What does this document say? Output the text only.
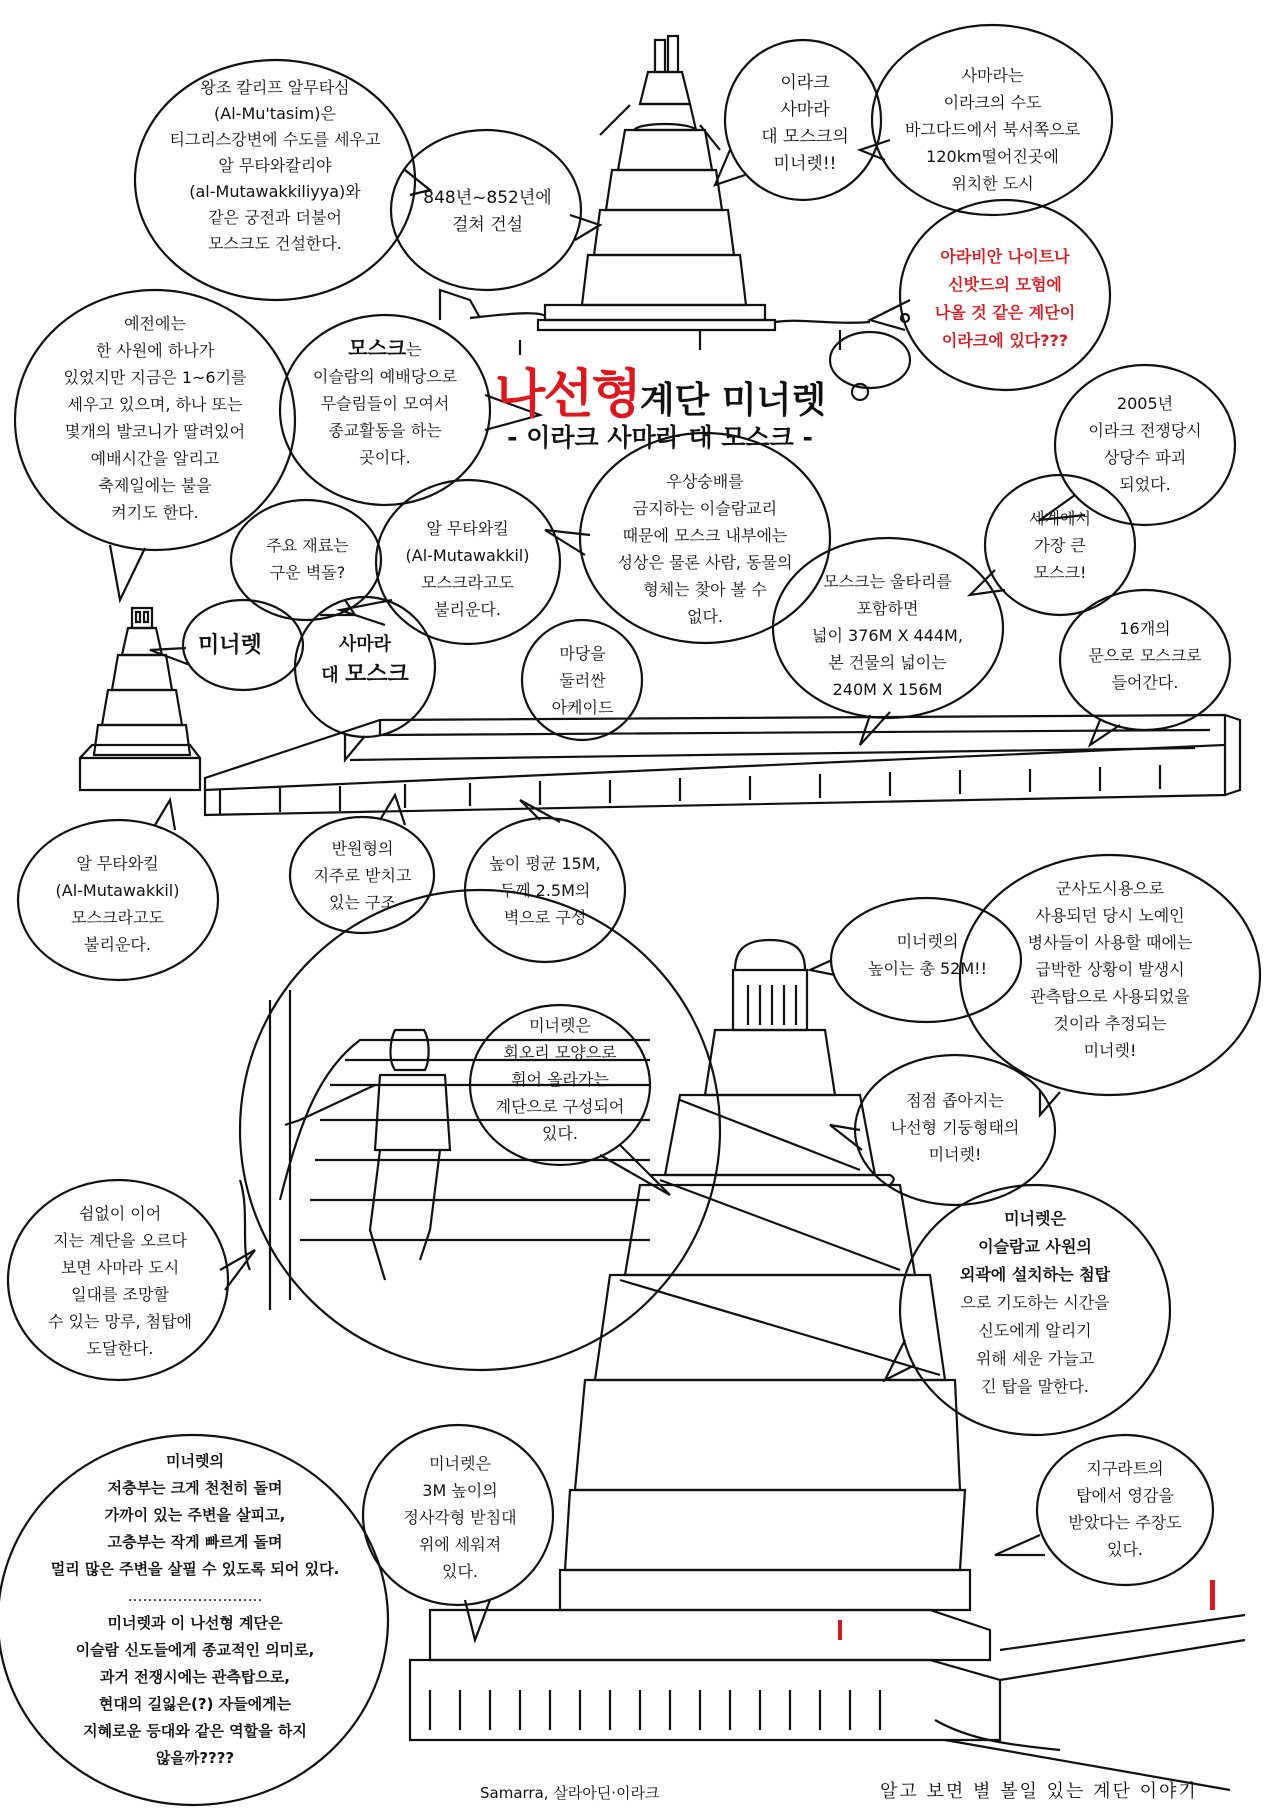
나선형계단 미너렛
- 이라크 사마라 대 모스크 -
왕조 칼리프 알무타심
(Al-Mu'tasim)은
티그리스강변에 수도를 세우고
알 무타와칼리야
(al-Mutawakkiliyya)와
같은 궁전과 더불어
모스크도 건설한다.
848년~852년에
걸쳐 건설
이라크
사마라
대 모스크의
미너렛!!
사마라는
이라크의 수도
바그다드에서 북서쪽으로
120km떨어진곳에
위치한 도시
아라비안 나이트나
신밧드의 모험에
나올 것 같은 계단이
이라크에 있다???
예전에는
한 사원에 하나가
있었지만 지금은 1~6기를
세우고 있으며, 하나 또는
몇개의 발코니가 딸려있어
예배시간을 알리고
축제일에는 불을
켜기도 한다.
모스크는
이슬람의 예배당으로
무슬림들이 모여서
종교활동을 하는
곳이다.
2005년
이라크 전쟁당시
상당수 파괴
되었다.
주요 재료는
구운 벽돌?
알 무타와킬
(Al-Mutawakkil)
모스크라고도
불리운다.
우상숭배를
금지하는 이슬람교리
때문에 모스크 내부에는
성상은 물론 사람, 동물의
형체는 찾아 볼 수
없다.
세계에서
가장 큰
모스크!
모스크는 울타리를
포함하면
넓이 376M X 444M,
본 건물의 넓이는
240M X 156M
미너렛	사마라
대 모스크
마당을
둘러싼
아케이드
16개의
문으로 모스크로
들어간다.
알 무타와킬
(Al-Mutawakkil)
모스크라고도
불리운다.
반원형의
지주로 받치고
있는 구조
높이 평균 15M,
두께 2.5M의
벽으로 구성
미너렛의
높이는 총 52M!!
군사도시용으로
사용되던 당시 노예인
병사들이 사용할 때에는
급박한 상황이 발생시
관측탑으로 사용되었을
것이라 추정되는
미너렛!
미너렛은
회오리 모양으로
휘어 올라가는
계단으로 구성되어
있다.
점점 좁아지는
나선형 기둥형태의
미너렛!
쉼없이 이어
지는 계단을 오르다
보면 사마라 도시
일대를 조망할
수 있는 망루, 첨탑에
도달한다.
미너렛은
이슬람교 사원의
외곽에 설치하는 첨탑
으로 기도하는 시간을
신도에게 알리기
위해 세운 가늘고
긴 탑을 말한다.
지구라트의
탑에서 영감을
받았다는 주장도
있다.
미너렛은
3M 높이의
정사각형 받침대
위에 세워져
있다.
미너렛의
저층부는 크게 천천히 돌며
가까이 있는 주변을 살피고,
고층부는 작게 빠르게 돌며
멀리 많은 주변을 살필 수 있도록 되어 있다.
………………………
미너렛과 이 나선형 계단은
이슬람 신도들에게 종교적인 의미로,
과거 전쟁시에는 관측탑으로,
현대의 길잃은(?) 자들에게는
지혜로운 등대와 같은 역할을 하지
않을까????
Samarra, 살라아딘·이라크	알고 보면 별 볼일 있는 계단 이야기
